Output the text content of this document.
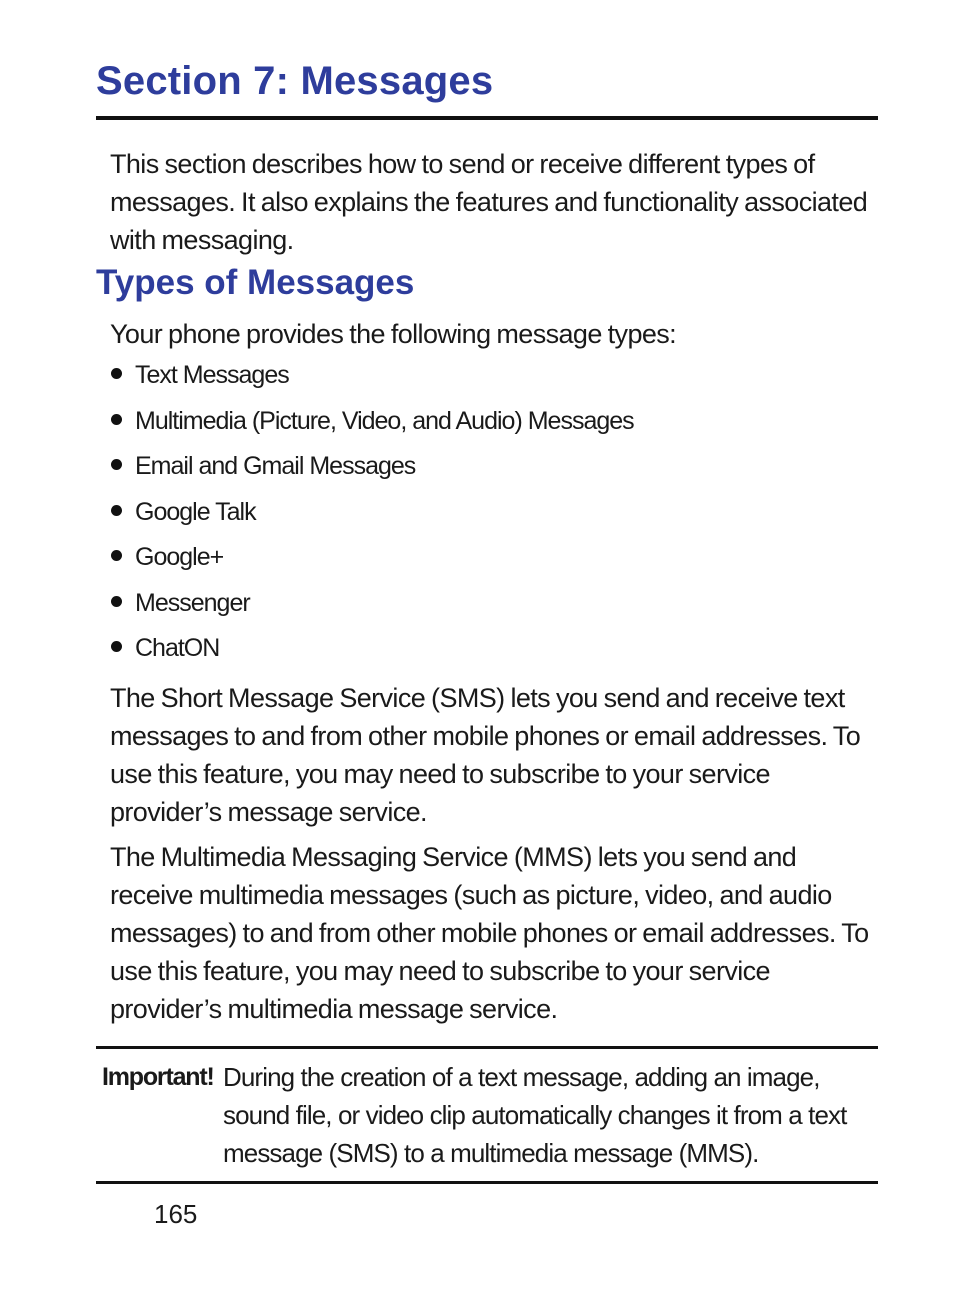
Section 7: Messages

This section describes how to send or receive different types of messages. It also explains the features and functionality associated with messaging.

Types of Messages

Your phone provides the following message types:

Text Messages
Multimedia (Picture, Video, and Audio) Messages
Email and Gmail Messages
Google Talk
Google+
Messenger
ChatON

The Short Message Service (SMS) lets you send and receive text messages to and from other mobile phones or email addresses. To use this feature, you may need to subscribe to your service provider’s message service.

The Multimedia Messaging Service (MMS) lets you send and receive multimedia messages (such as picture, video, and audio messages) to and from other mobile phones or email addresses. To use this feature, you may need to subscribe to your service provider’s multimedia message service.

Important! During the creation of a text message, adding an image, sound file, or video clip automatically changes it from a text message (SMS) to a multimedia message (MMS).

165
